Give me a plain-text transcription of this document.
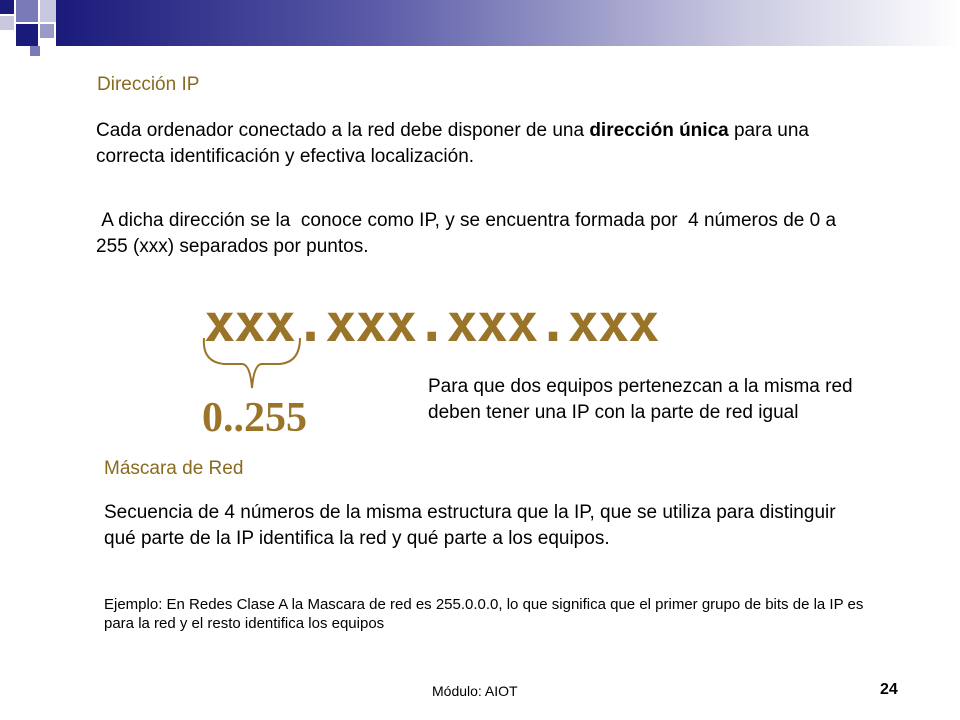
Dirección IP
Cada ordenador conectado a la red debe disponer de una dirección única para una correcta identificación y efectiva localización.
A dicha dirección se la  conoce como IP, y se encuentra formada por  4 números de 0 a 255 (xxx) separados por puntos.
xxx.xxx.xxx.xxx
0..255
Para que dos equipos pertenezcan a la misma red deben tener una IP con la parte de red igual
Máscara de Red
Secuencia de 4 números de la misma estructura que la IP, que se utiliza para distinguir qué parte de la IP identifica la red y qué parte a los equipos.
Ejemplo: En Redes Clase A la Mascara de red es 255.0.0.0, lo que significa que el primer grupo de bits de la IP es para la red y el resto identifica los equipos
Módulo: AIOT	24
